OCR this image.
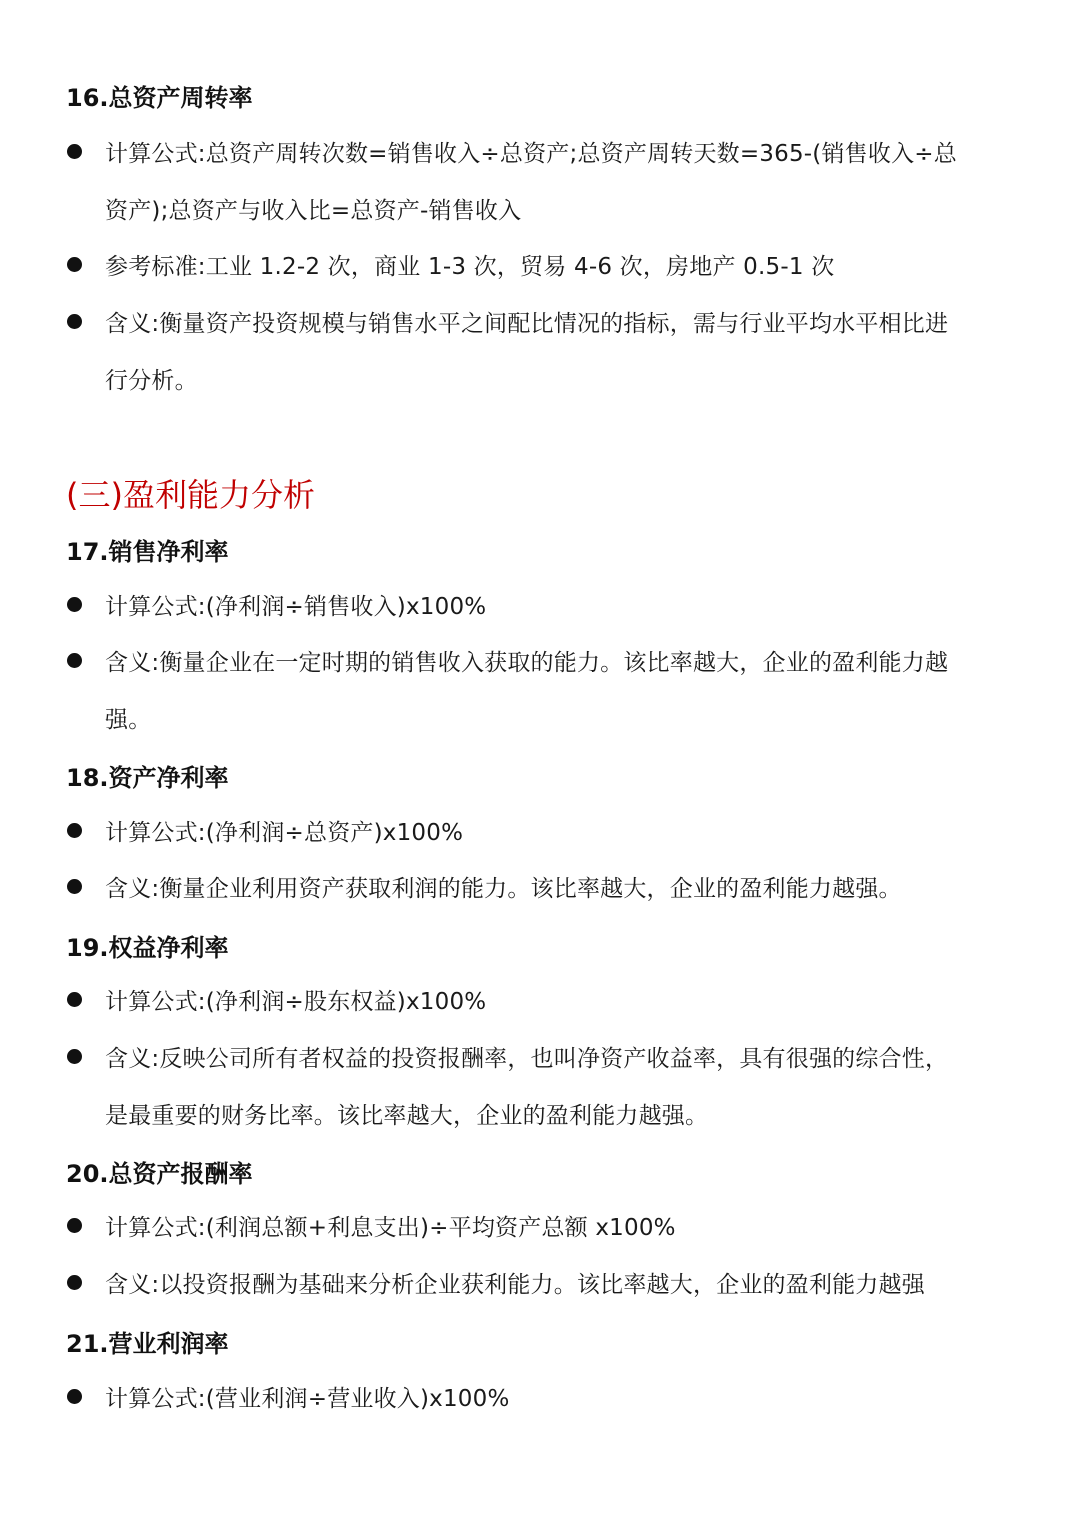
16.总资产周转率
计算公式:总资产周转次数=销售收入÷总资产;总资产周转天数=365-(销售收入÷总
资产);总资产与收入比=总资产-销售收入
参考标准:工业 1.2-2 次，商业 1-3 次，贸易 4-6 次，房地产 0.5-1 次
含义:衡量资产投资规模与销售水平之间配比情况的指标，需与行业平均水平相比进
行分析。
(三)盈利能力分析
17.销售净利率
计算公式:(净利润÷销售收入)x100%
含义:衡量企业在一定时期的销售收入获取的能力。该比率越大，企业的盈利能力越
强。
18.资产净利率
计算公式:(净利润÷总资产)x100%
含义:衡量企业利用资产获取利润的能力。该比率越大，企业的盈利能力越强。
19.权益净利率
计算公式:(净利润÷股东权益)x100%
含义:反映公司所有者权益的投资报酬率，也叫净资产收益率，具有很强的综合性，
是最重要的财务比率。该比率越大，企业的盈利能力越强。
20.总资产报酬率
计算公式:(利润总额+利息支出)÷平均资产总额 x100%
含义:以投资报酬为基础来分析企业获利能力。该比率越大，企业的盈利能力越强
21.营业利润率
计算公式:(营业利润÷营业收入)x100%
